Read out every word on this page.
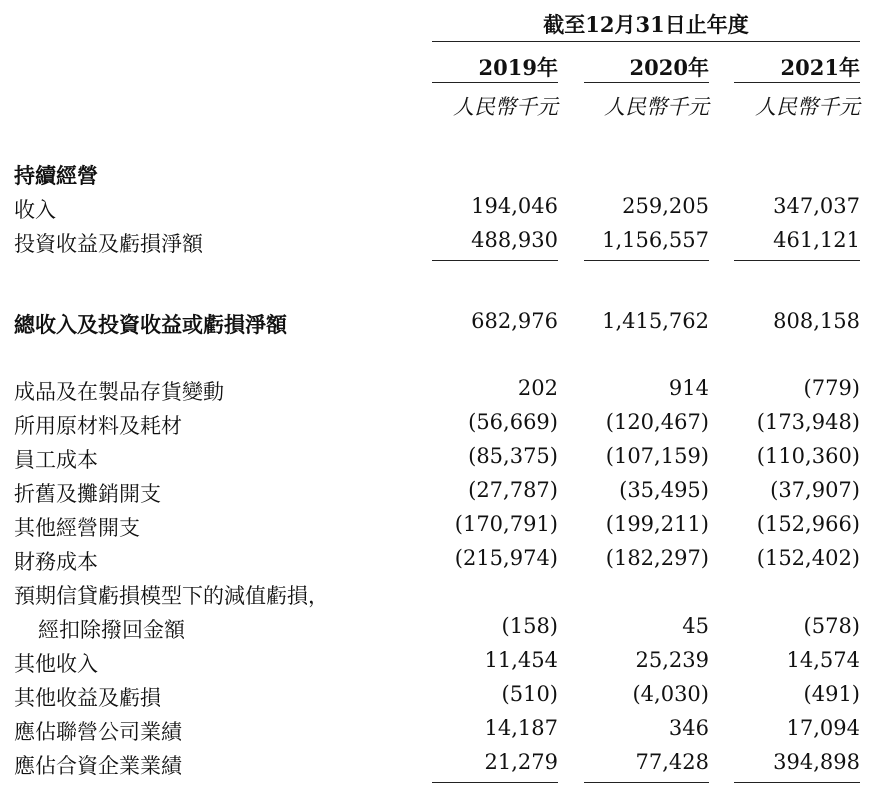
截至12月31日止年度
2019年	2020年	2021年
人民幣千元	人民幣千元	人民幣千元
持續經營
收入	194,046	259,205	347,037
投資收益及虧損淨額	488,930	1,156,557	461,121
總收入及投資收益或虧損淨額	682,976	1,415,762	808,158
成品及在製品存貨變動	202	914	(779)
所用原材料及耗材	(56,669)	(120,467)	(173,948)
員工成本	(85,375)	(107,159)	(110,360)
折舊及攤銷開支	(27,787)	(35,495)	(37,907)
其他經營開支	(170,791)	(199,211)	(152,966)
財務成本	(215,974)	(182,297)	(152,402)
預期信貸虧損模型下的減值虧損，
經扣除撥回金額	(158)	45	(578)
其他收入	11,454	25,239	14,574
其他收益及虧損	(510)	(4,030)	(491)
應佔聯營公司業績	14,187	346	17,094
應佔合資企業業績	21,279	77,428	394,898
